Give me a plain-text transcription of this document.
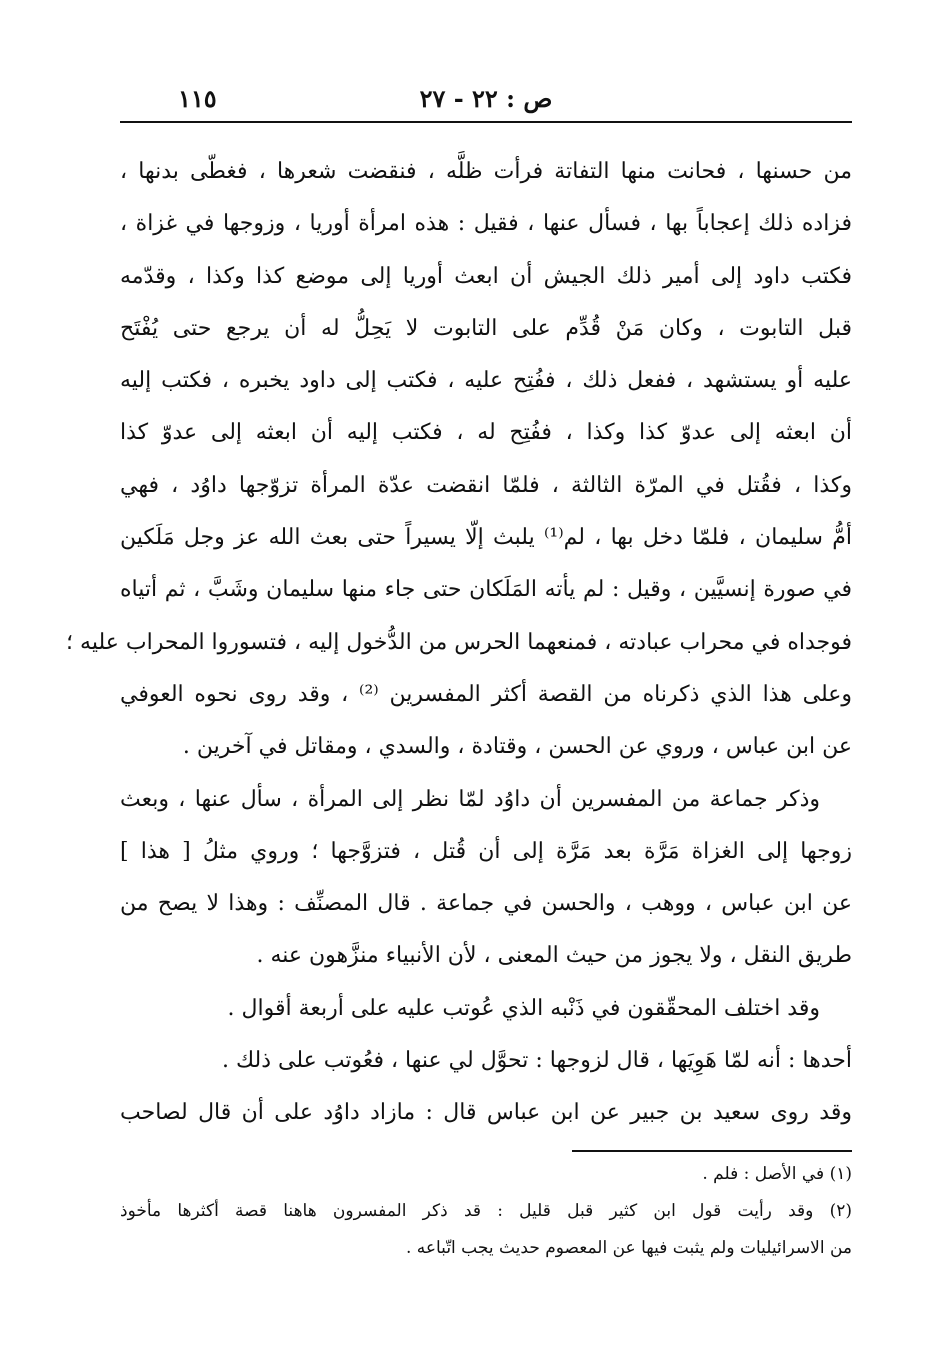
١١٥	ص : ٢٢ - ٢٧
من حسنها ، فحانت منها التفاتة فرأت ظلَّه ، فنقضت شعرها ، فغطّى بدنها ،
فزاده ذلك إعجاباً بها ، فسأل عنها ، فقيل : هذه امرأة أوريا ، وزوجها في غزاة ،
فكتب داود إلى أمير ذلك الجيش أن ابعث أوريا إلى موضع كذا وكذا ، وقدّمه
قبل التابوت ، وكان مَنْ قُدِّم على التابوت لا يَحِلُّ له أن يرجع حتى يُفْتَح
عليه أو يستشهد ، ففعل ذلك ، ففُتِح عليه ، فكتب إلى داود يخبره ، فكتب إليه
أن ابعثه إلى عدوّ كذا وكذا ، ففُتِح له ، فكتب إليه أن ابعثه إلى عدوّ كذا
وكذا ، فقُتل في المرّة الثالثة ، فلمّا انقضت عدّة المرأة تزوّجها داوُد ، فهي
أمُّ سليمان ، فلمّا دخل بها ، لم⁽¹⁾ يلبث إلّا يسيراً حتى بعث الله عز وجل مَلَكين
في صورة إنسيَّين ، وقيل : لم يأته المَلَكان حتى جاء منها سليمان وشَبَّ ، ثم أتياه
فوجداه في محراب عبادته ، فمنعهما الحرس من الدُّخول إليه ، فتسوروا المحراب عليه ؛
وعلى هذا الذي ذكرناه من القصة أكثر المفسرين ⁽²⁾ ، وقد روى نحوه العوفي
عن ابن عباس ، وروي عن الحسن ، وقتادة ، والسدي ، ومقاتل في آخرين .
وذكر جماعة من المفسرين أن داوُد لمّا نظر إلى المرأة ، سأل عنها ، وبعث
زوجها إلى الغزاة مَرَّة بعد مَرَّة إلى أن قُتل ، فتزوَّجها ؛ وروي مثلُ [ هذا ]
عن ابن عباس ، ووهب ، والحسن في جماعة . قال المصنِّف : وهذا لا يصح من
طريق النقل ، ولا يجوز من حيث المعنى ، لأن الأنبياء منزَّهون عنه .
وقد اختلف المحقّقون في ذَنْبه الذي عُوتب عليه على أربعة أقوال .
أحدها : أنه لمّا هَوِيَها ، قال لزوجها : تحوَّل لي عنها ، فعُوتب على ذلك .
وقد روى سعيد بن جبير عن ابن عباس قال : مازاد داوُد على أن قال لصاحب
(١) في الأصل : فلم .
(٢) وقد رأيت قول ابن كثير قبل قليل : قد ذكر المفسرون هاهنا قصة أكثرها مأخوذ
من الاسرائيليات ولم يثبت فيها عن المعصوم حديث يجب اتّباعه .
